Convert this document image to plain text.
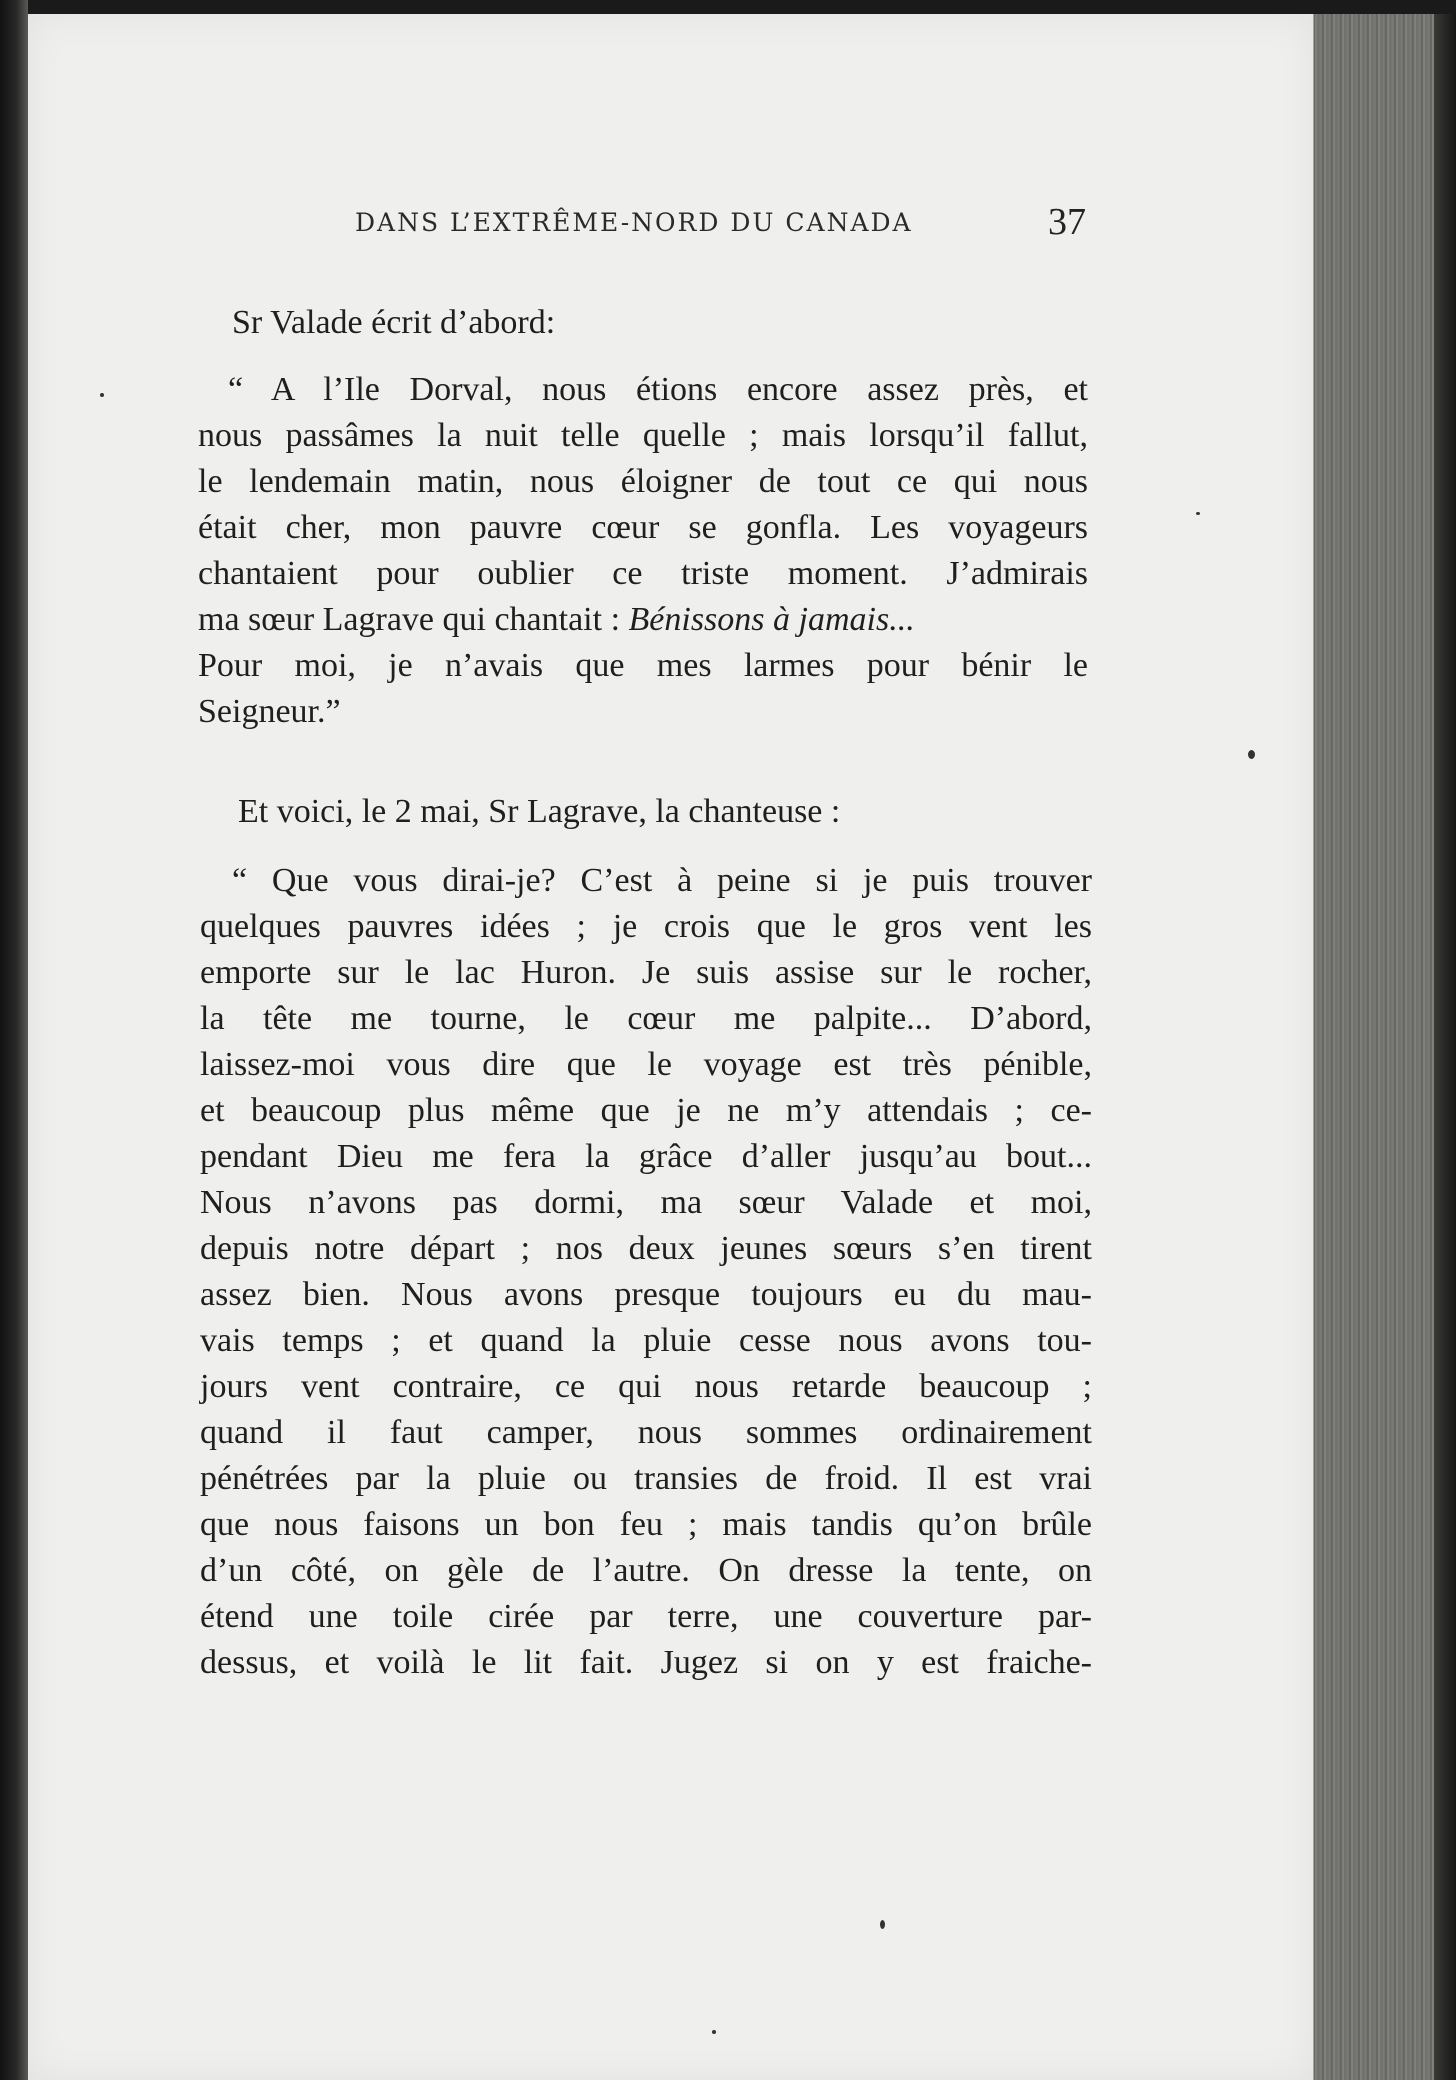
DANS L’EXTRÊME-NORD DU CANADA	37
Sr Valade écrit d’abord:
“ A l’Ile Dorval, nous étions encore assez près, et
nous passâmes la nuit telle quelle ; mais lorsqu’il fallut,
le lendemain matin, nous éloigner de tout ce qui nous
était cher, mon pauvre cœur se gonfla. Les voyageurs
chantaient pour oublier ce triste moment. J’admirais
ma sœur Lagrave qui chantait : Bénissons à jamais...
Pour moi, je n’avais que mes larmes pour bénir le
Seigneur.”
Et voici, le 2 mai, Sr Lagrave, la chanteuse :
“ Que vous dirai-je? C’est à peine si je puis trouver
quelques pauvres idées ; je crois que le gros vent les
emporte sur le lac Huron. Je suis assise sur le rocher,
la tête me tourne, le cœur me palpite... D’abord,
laissez-moi vous dire que le voyage est très pénible,
et beaucoup plus même que je ne m’y attendais ; ce-
pendant Dieu me fera la grâce d’aller jusqu’au bout...
Nous n’avons pas dormi, ma sœur Valade et moi,
depuis notre départ ; nos deux jeunes sœurs s’en tirent
assez bien. Nous avons presque toujours eu du mau-
vais temps ; et quand la pluie cesse nous avons tou-
jours vent contraire, ce qui nous retarde beaucoup ;
quand il faut camper, nous sommes ordinairement
pénétrées par la pluie ou transies de froid. Il est vrai
que nous faisons un bon feu ; mais tandis qu’on brûle
d’un côté, on gèle de l’autre. On dresse la tente, on
étend une toile cirée par terre, une couverture par-
dessus, et voilà le lit fait. Jugez si on y est fraiche-
